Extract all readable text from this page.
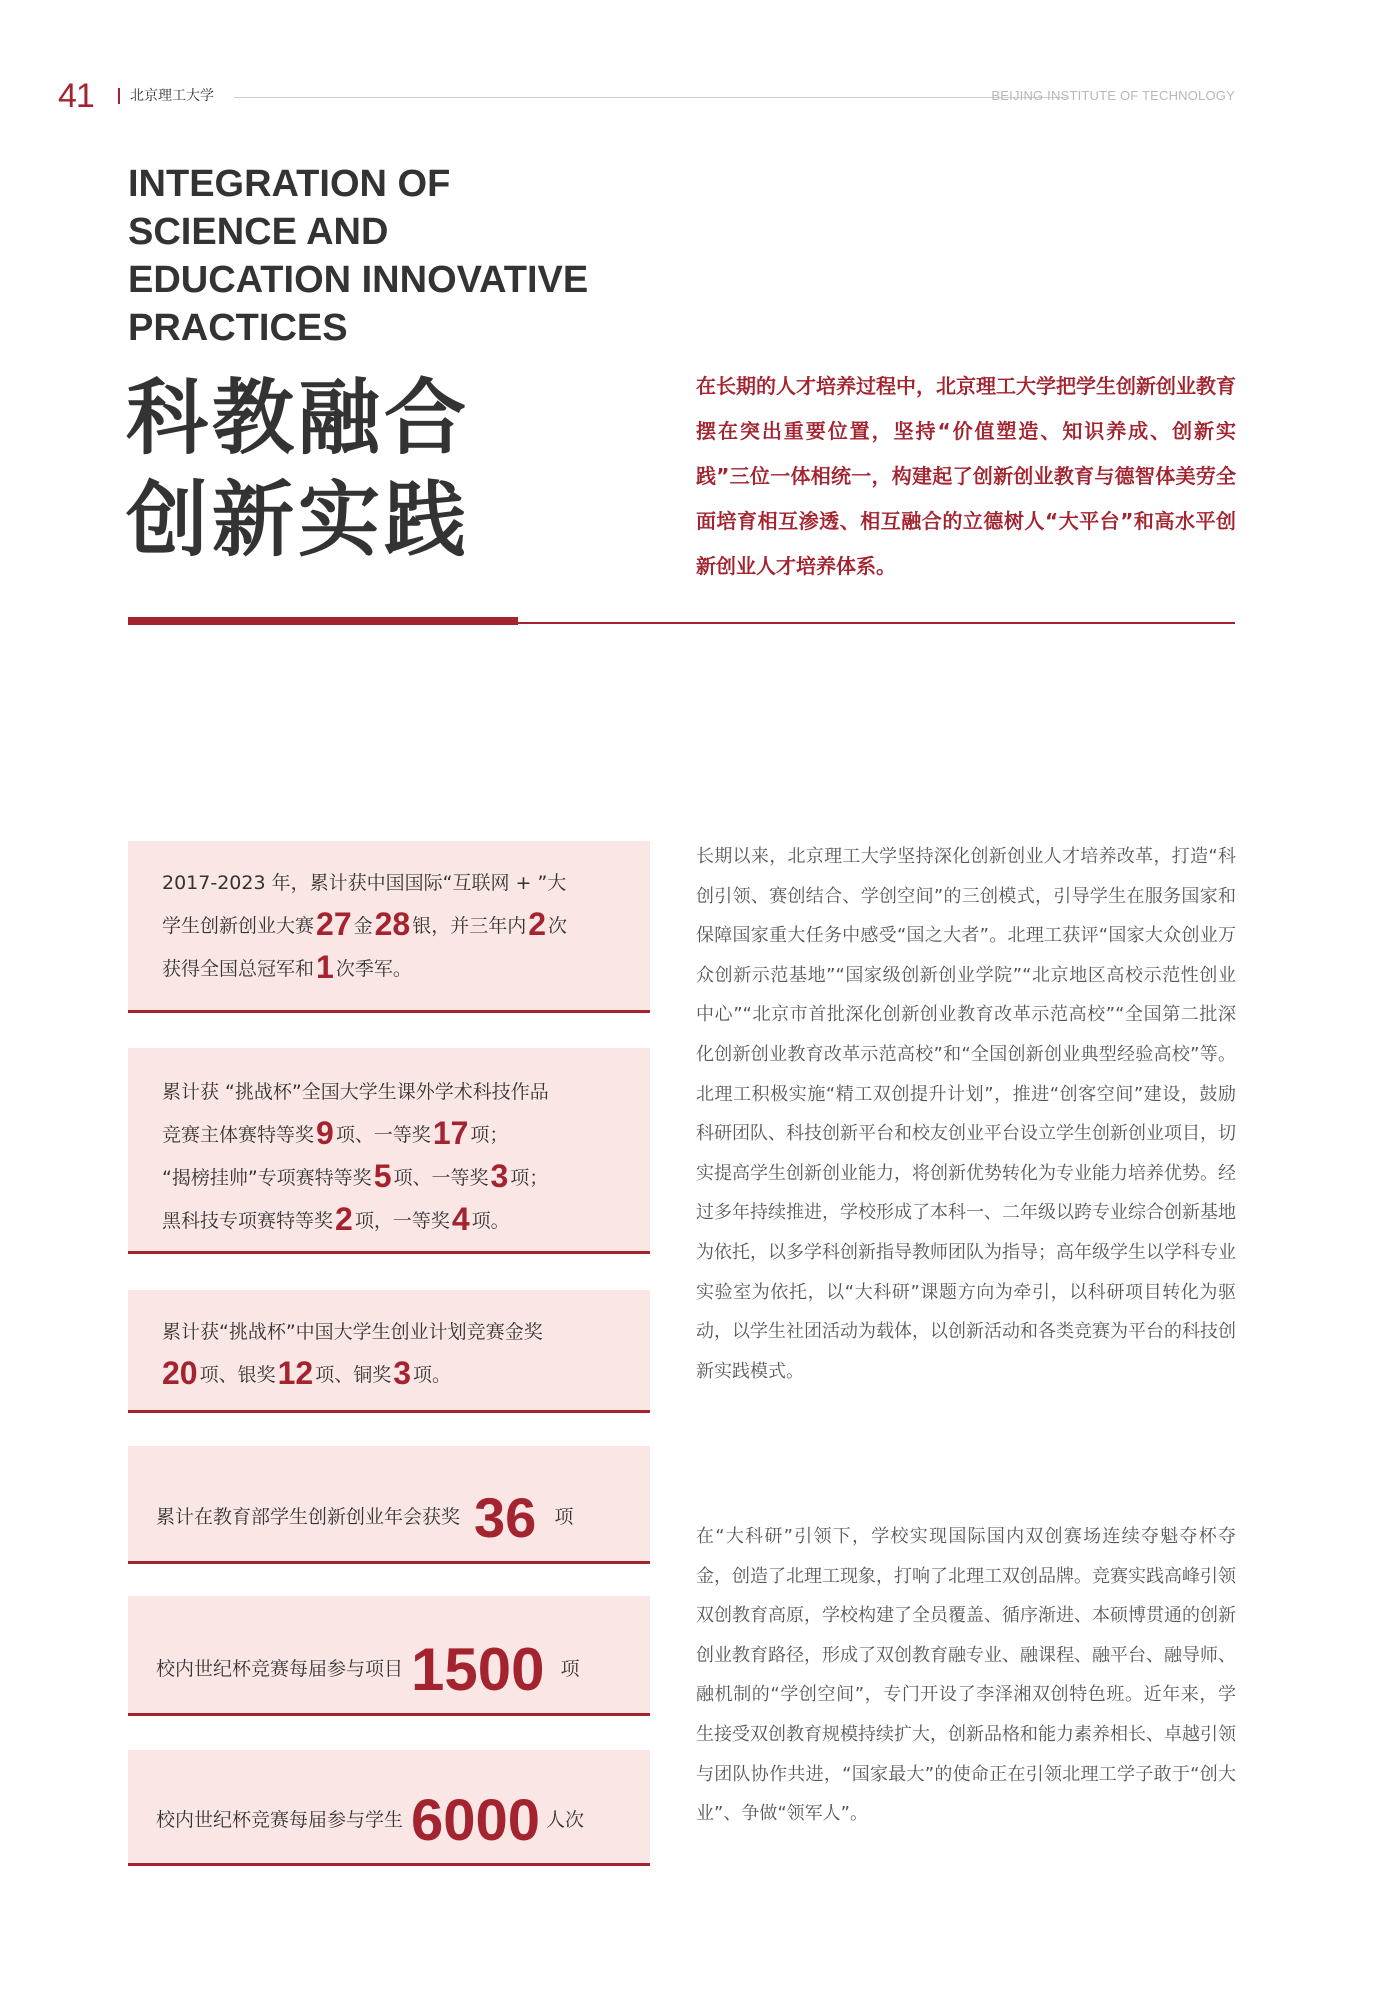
41	北京理工大学	BEIJING INSTITUTE OF TECHNOLOGY
INTEGRATION OF
SCIENCE AND
EDUCATION INNOVATIVE
PRACTICES
科教融合
创新实践
在长期的人才培养过程中，北京理工大学把学生创新创业教育摆在突出重要位置，坚持“价值塑造、知识养成、创新实践”三位一体相统一，构建起了创新创业教育与德智体美劳全面培育相互渗透、相互融合的立德树人“大平台”和高水平创新创业人才培养体系。
2017-2023 年，累计获中国国际“互联网 + ”大
学生创新创业大赛27 金28 银，并三年内2 次
获得全国总冠军和1 次季军。
累计获 “挑战杯”全国大学生课外学术科技作品
竞赛主体赛特等奖9 项、一等奖17 项；
“揭榜挂帅”专项赛特等奖5 项、一等奖3 项；
黑科技专项赛特等奖2 项，一等奖4 项。
累计获“挑战杯”中国大学生创业计划竞赛金奖
20 项、银奖12 项、铜奖3 项。
累计在教育部学生创新创业年会获奖 36 项
校内世纪杯竞赛每届参与项目 1500 项
校内世纪杯竞赛每届参与学生 6000 人次
长期以来，北京理工大学坚持深化创新创业人才培养改革，打造“科创引领、赛创结合、学创空间”的三创模式，引导学生在服务国家和保障国家重大任务中感受“国之大者”。北理工获评“国家大众创业万众创新示范基地”“国家级创新创业学院”“北京地区高校示范性创业中心”“北京市首批深化创新创业教育改革示范高校”“全国第二批深化创新创业教育改革示范高校”和“全国创新创业典型经验高校”等。北理工积极实施“精工双创提升计划”，推进“创客空间”建设，鼓励科研团队、科技创新平台和校友创业平台设立学生创新创业项目，切实提高学生创新创业能力，将创新优势转化为专业能力培养优势。经过多年持续推进，学校形成了本科一、二年级以跨专业综合创新基地为依托，以多学科创新指导教师团队为指导；高年级学生以学科专业实验室为依托，以“大科研”课题方向为牵引，以科研项目转化为驱动，以学生社团活动为载体，以创新活动和各类竞赛为平台的科技创新实践模式。
在“大科研”引领下，学校实现国际国内双创赛场连续夺魁夺杯夺金，创造了北理工现象，打响了北理工双创品牌。竞赛实践高峰引领双创教育高原，学校构建了全员覆盖、循序渐进、本硕博贯通的创新创业教育路径，形成了双创教育融专业、融课程、融平台、融导师、融机制的“学创空间”，专门开设了李泽湘双创特色班。近年来，学生接受双创教育规模持续扩大，创新品格和能力素养相长、卓越引领与团队协作共进，“国家最大”的使命正在引领北理工学子敢于“创大业”、争做“领军人”。
